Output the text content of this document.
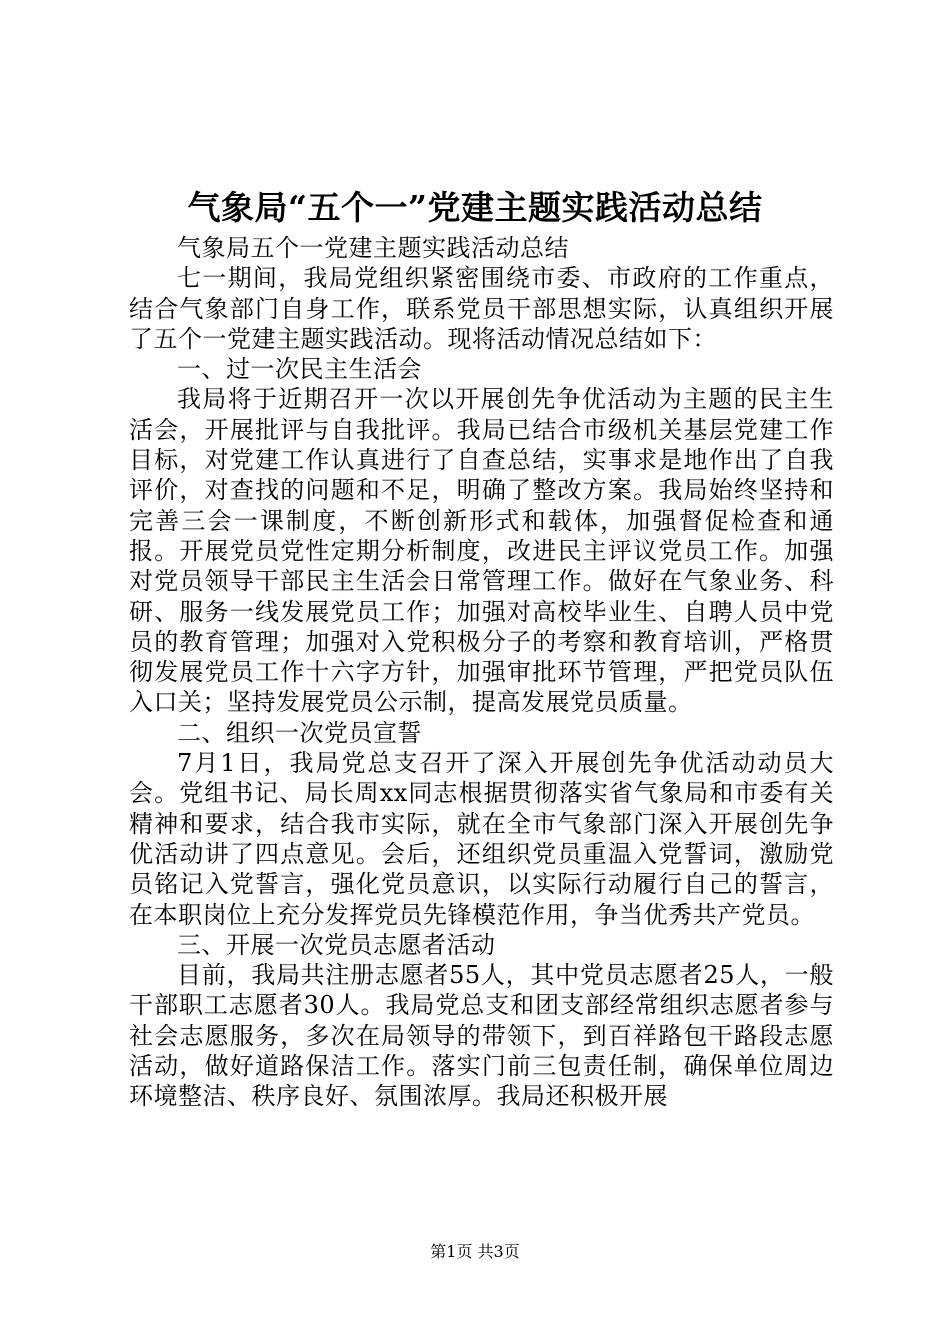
气象局“五个一”党建主题实践活动总结

气象局五个一党建主题实践活动总结

七一期间，我局党组织紧密围绕市委、市政府的工作重点，结合气象部门自身工作，联系党员干部思想实际，认真组织开展了五个一党建主题实践活动。现将活动情况总结如下：

一、过一次民主生活会

我局将于近期召开一次以开展创先争优活动为主题的民主生活会，开展批评与自我批评。我局已结合市级机关基层党建工作目标，对党建工作认真进行了自查总结，实事求是地作出了自我评价，对查找的问题和不足，明确了整改方案。我局始终坚持和完善三会一课制度，不断创新形式和载体，加强督促检查和通报。开展党员党性定期分析制度，改进民主评议党员工作。加强对党员领导干部民主生活会日常管理工作。做好在气象业务、科研、服务一线发展党员工作；加强对高校毕业生、自聘人员中党员的教育管理；加强对入党积极分子的考察和教育培训，严格贯彻发展党员工作十六字方针，加强审批环节管理，严把党员队伍入口关；坚持发展党员公示制，提高发展党员质量。

二、组织一次党员宣誓

7月1日，我局党总支召开了深入开展创先争优活动动员大会。党组书记、局长周xx同志根据贯彻落实省气象局和市委有关精神和要求，结合我市实际，就在全市气象部门深入开展创先争优活动讲了四点意见。会后，还组织党员重温入党誓词，激励党员铭记入党誓言，强化党员意识，以实际行动履行自己的誓言，在本职岗位上充分发挥党员先锋模范作用，争当优秀共产党员。

三、开展一次党员志愿者活动

目前，我局共注册志愿者55人，其中党员志愿者25人，一般干部职工志愿者30人。我局党总支和团支部经常组织志愿者参与社会志愿服务，多次在局领导的带领下，到百祥路包干路段志愿活动，做好道路保洁工作。落实门前三包责任制，确保单位周边环境整洁、秩序良好、氛围浓厚。我局还积极开展

第1页 共3页
